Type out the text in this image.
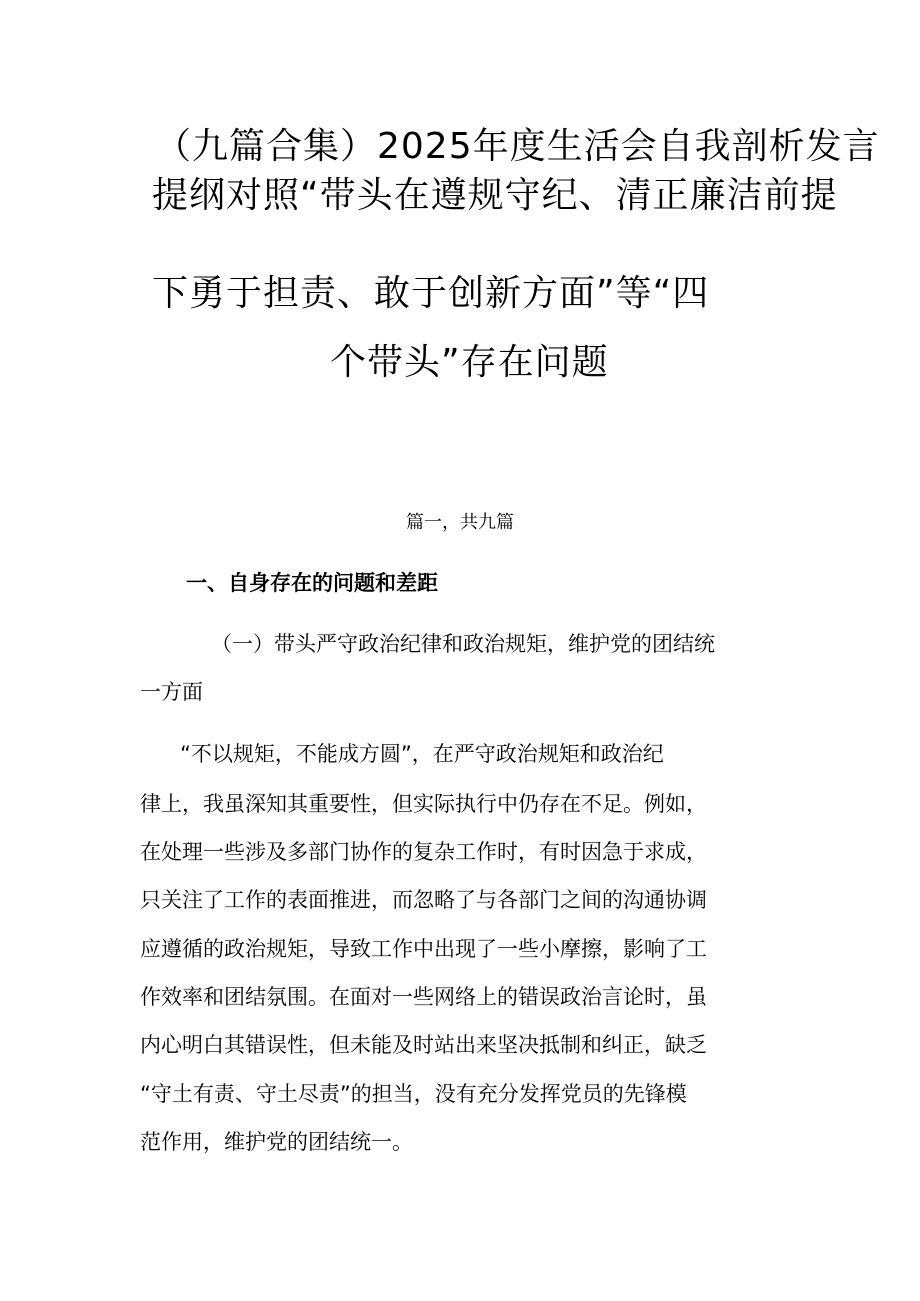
（九篇合集）2025年度生活会自我剖析发言
提纲对照“带头在遵规守纪、清正廉洁前提
下勇于担责、敢于创新方面”等“四
个带头”存在问题
篇一，共九篇
一、自身存在的问题和差距
（一）带头严守政治纪律和政治规矩，维护党的团结统
一方面
“不以规矩，不能成方圆”，在严守政治规矩和政治纪
律上，我虽深知其重要性，但实际执行中仍存在不足。例如，
在处理一些涉及多部门协作的复杂工作时，有时因急于求成，
只关注了工作的表面推进，而忽略了与各部门之间的沟通协调
应遵循的政治规矩，导致工作中出现了一些小摩擦，影响了工
作效率和团结氛围。在面对一些网络上的错误政治言论时，虽
内心明白其错误性，但未能及时站出来坚决抵制和纠正，缺乏
“守土有责、守土尽责”的担当，没有充分发挥党员的先锋模
范作用，维护党的团结统一。
